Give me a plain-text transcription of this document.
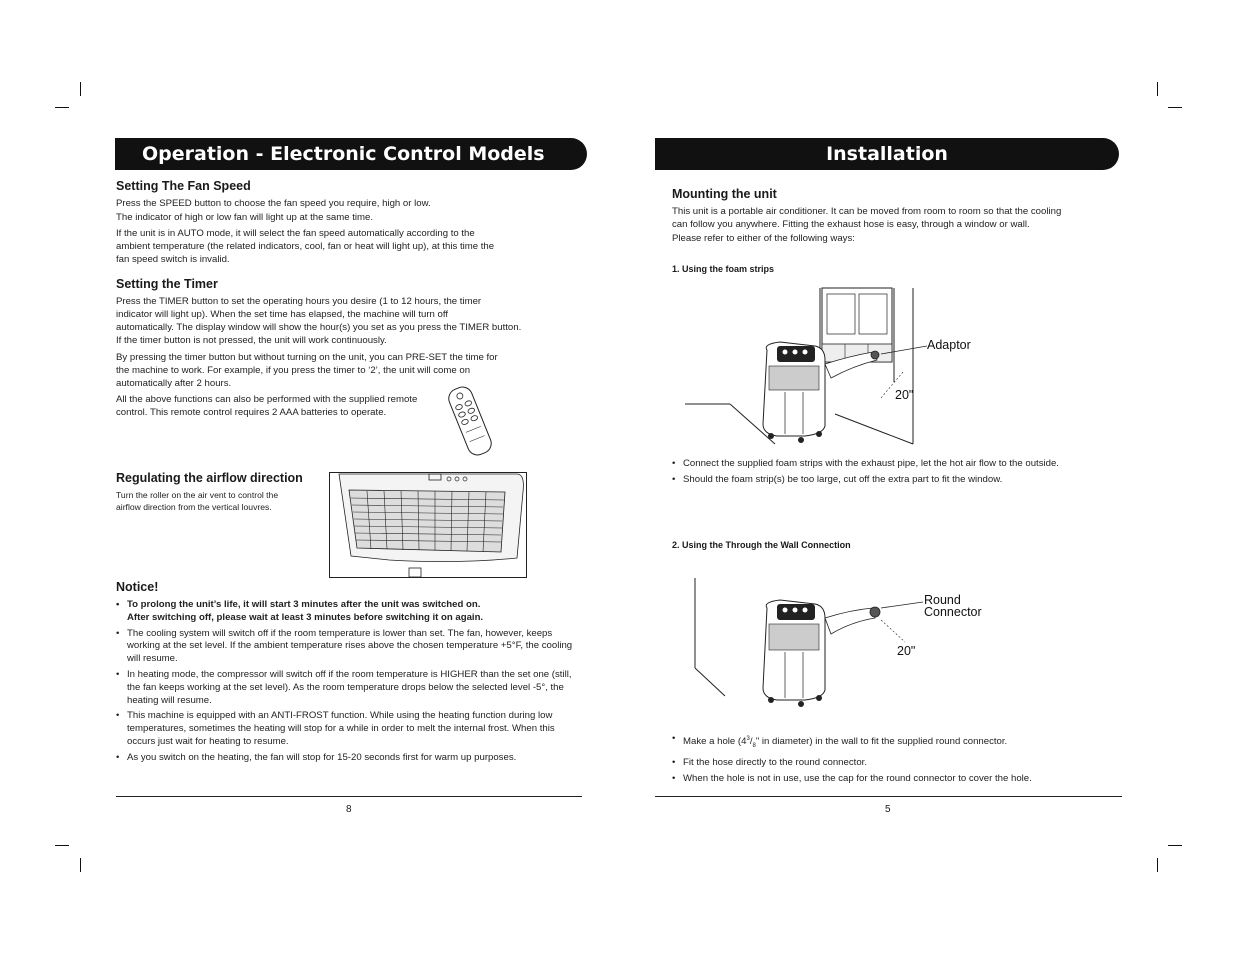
Operation - Electronic Control Models
Setting The Fan Speed
Press the SPEED button to choose the fan speed you require, high or low.
The indicator of high or low fan will light up at the same time.
If the unit is in AUTO mode, it will select the fan speed automatically according to the
ambient temperature (the related indicators, cool, fan or heat will light up), at this time the
fan speed switch is invalid.
Setting the Timer
Press the TIMER button to set the operating hours you desire (1 to 12 hours, the timer
indicator will light up). When the set time has elapsed, the machine will turn off
automatically. The display window will show the hour(s) you set as you press the TIMER button.
If the timer button is not pressed, the unit will work continuously.
By pressing the timer button but without turning on the unit, you can PRE-SET the time for
the machine to work. For example, if you press the timer to ‘2’, the unit will come on
automatically after 2 hours.
All the above functions can also be performed with the supplied remote
control. This remote control requires 2 AAA batteries to operate.
Regulating the airflow direction
Turn the roller on the air vent to control the
airflow direction from the vertical louvres.
Notice!
• To prolong the unit’s life, it will start 3 minutes after the unit was switched on.
After switching off, please wait at least 3 minutes before switching it on again.
• The cooling system will switch off if the room temperature is lower than set. The fan, however, keeps working at the set level. If the ambient temperature rises above the chosen temperature +5°F, the cooling will resume.
• In heating mode, the compressor will switch off if the room temperature is HIGHER than the set one (still, the fan keeps working at the set level). As the room temperature drops below the selected level -5°, the heating will resume.
• This machine is equipped with an ANTI-FROST function. While using the heating function during low temperatures, sometimes the heating will stop for a while in order to melt the internal frost. When this occurs just wait for heating to resume.
• As you switch on the heating, the fan will stop for 15-20 seconds first for warm up purposes.
8
Installation
Mounting the unit
This unit is a portable air conditioner. It can be moved from room to room so that the cooling
can follow you anywhere. Fitting the exhaust hose is easy, through a window or wall.
Please refer to either of the following ways:
1. Using the foam strips
Adaptor
20"
• Connect the supplied foam strips with the exhaust pipe, let the hot air flow to the outside.
• Should the foam strip(s) be too large, cut off the extra part to fit the window.
2. Using the Through the Wall Connection
Round
Connector
20"
• Make a hole ($4^3/_8$" in diameter) in the wall to fit the supplied round connector.
• Fit the hose directly to the round connector.
• When the hole is not in use, use the cap for the round connector to cover the hole.
5
